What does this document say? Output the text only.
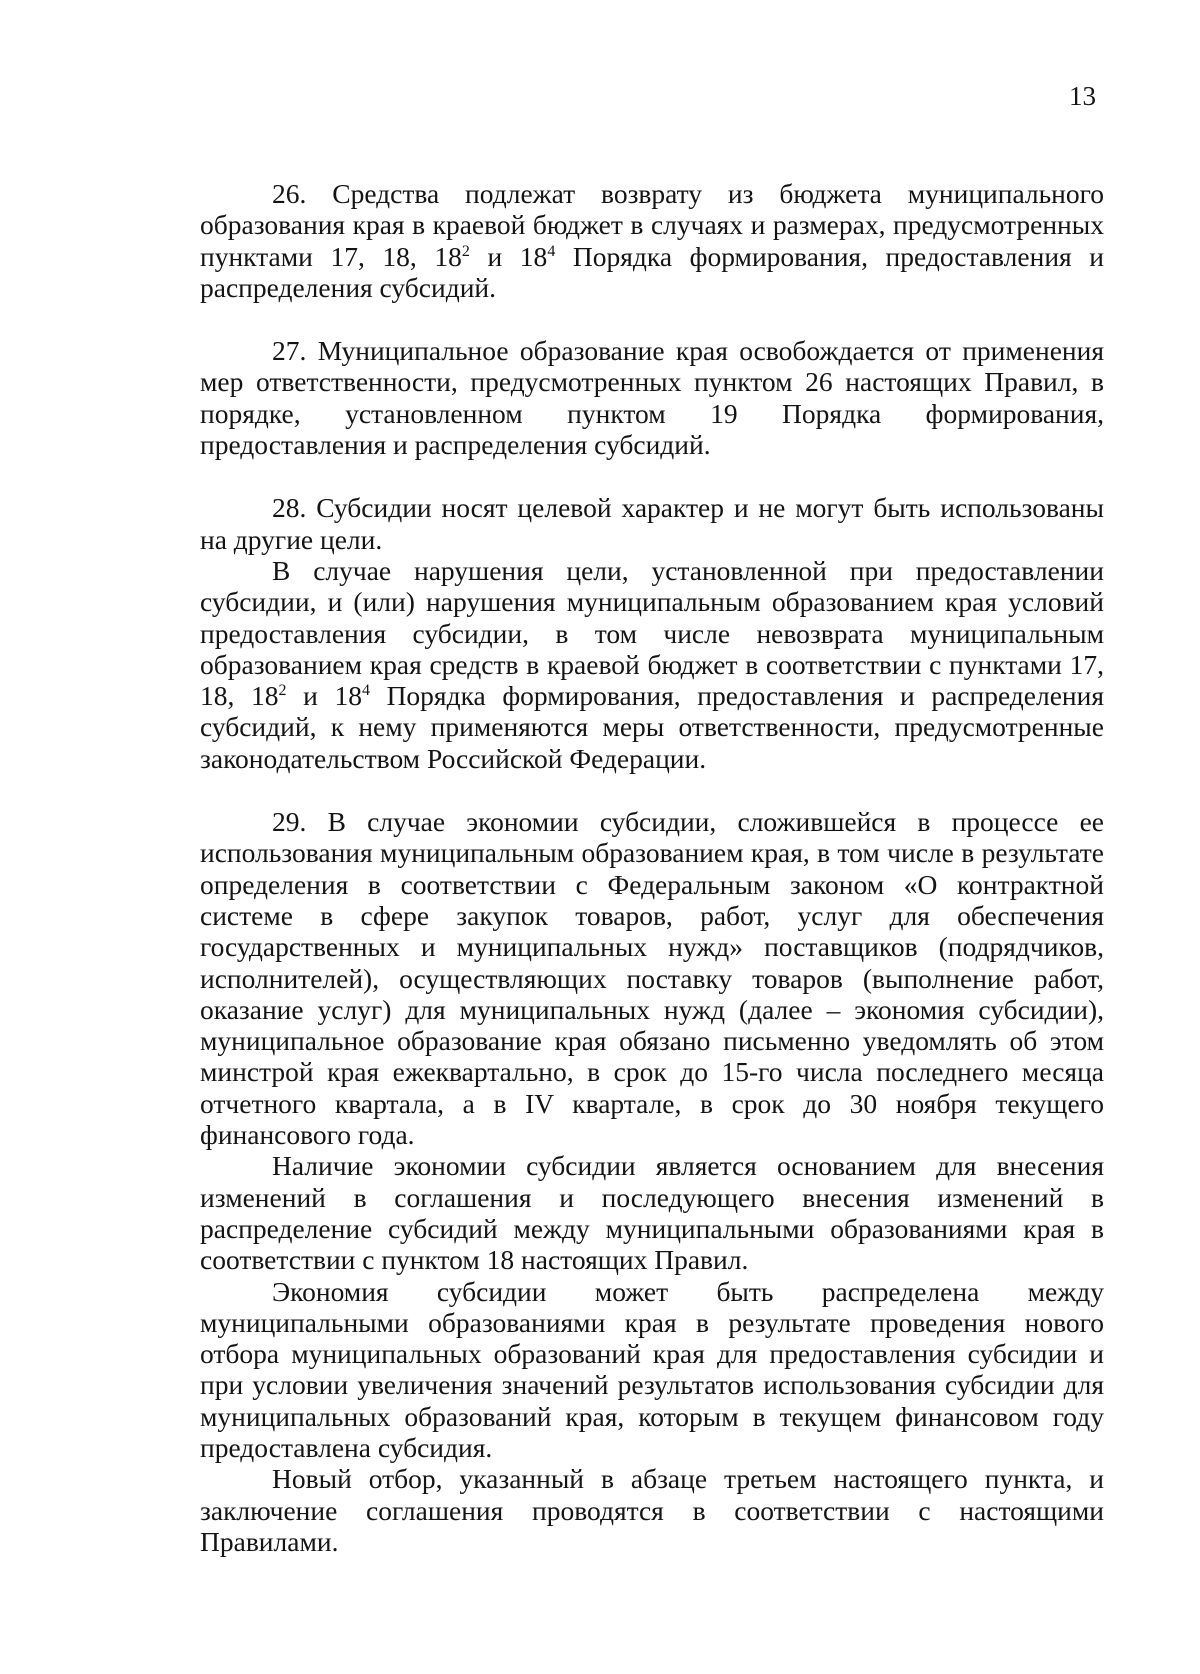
13

26. Средства подлежат возврату из бюджета муниципального образования края в краевой бюджет в случаях и размерах, предусмотренных пунктами 17, 18, $18^2$ и $18^4$ Порядка формирования, предоставления и распределения субсидий.

27. Муниципальное образование края освобождается от применения мер ответственности, предусмотренных пунктом 26 настоящих Правил, в порядке, установленном пунктом 19 Порядка формирования, предоставления и распределения субсидий.

28. Субсидии носят целевой характер и не могут быть использованы на другие цели.

В случае нарушения цели, установленной при предоставлении субсидии, и (или) нарушения муниципальным образованием края условий предоставления субсидии, в том числе невозврата муниципальным образованием края средств в краевой бюджет в соответствии с пунктами 17, 18, $18^2$ и $18^4$ Порядка формирования, предоставления и распределения субсидий, к нему применяются меры ответственности, предусмотренные законодательством Российской Федерации.

29. В случае экономии субсидии, сложившейся в процессе ее использования муниципальным образованием края, в том числе в результате определения в соответствии с Федеральным законом «О контрактной системе в сфере закупок товаров, работ, услуг для обеспечения государственных и муниципальных нужд» поставщиков (подрядчиков, исполнителей), осуществляющих поставку товаров (выполнение работ, оказание услуг) для муниципальных нужд (далее – экономия субсидии), муниципальное образование края обязано письменно уведомлять об этом минстрой края ежеквартально, в срок до 15-го числа последнего месяца отчетного квартала, а в IV квартале, в срок до 30 ноября текущего финансового года.

Наличие экономии субсидии является основанием для внесения изменений в соглашения и последующего внесения изменений в распределение субсидий между муниципальными образованиями края в соответствии с пунктом 18 настоящих Правил.

Экономия субсидии может быть распределена между муниципальными образованиями края в результате проведения нового отбора муниципальных образований края для предоставления субсидии и при условии увеличения значений результатов использования субсидии для муниципальных образований края, которым в текущем финансовом году предоставлена субсидия.

Новый отбор, указанный в абзаце третьем настоящего пункта, и заключение соглашения проводятся в соответствии с настоящими Правилами.
